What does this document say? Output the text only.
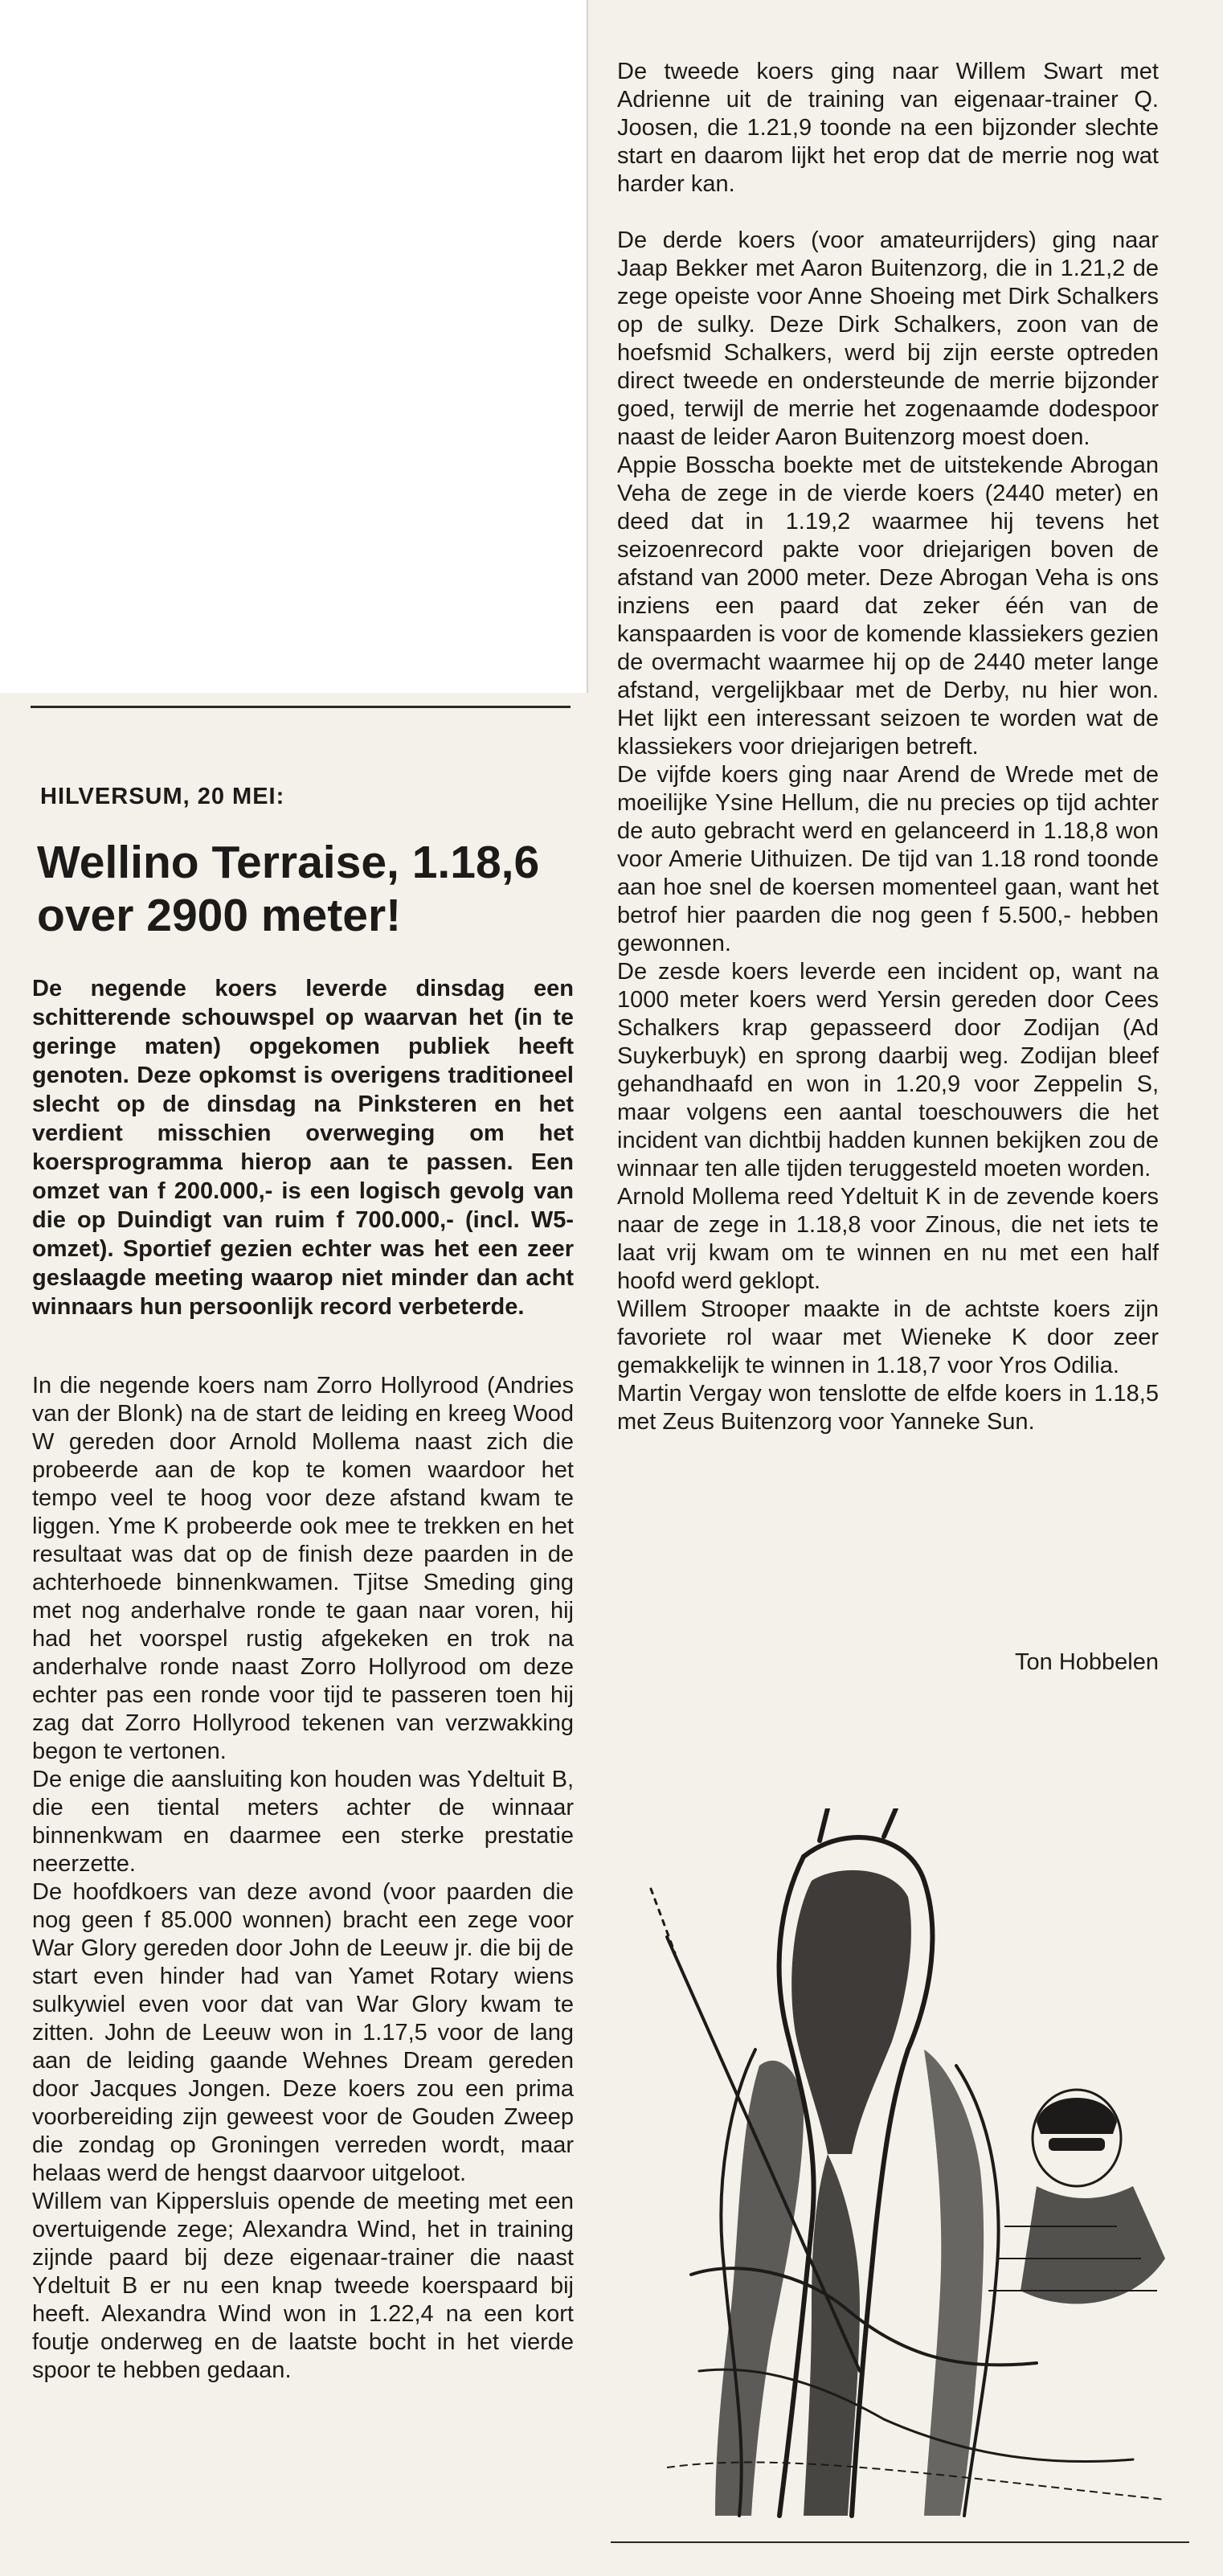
HILVERSUM, 20 MEI:

Wellino Terraise, 1.18,6
over 2900 meter!

De negende koers leverde dinsdag een schitterende schouwspel op waarvan het (in te geringe maten) opgekomen publiek heeft genoten. Deze opkomst is overigens traditioneel slecht op de dinsdag na Pinksteren en het verdient misschien overweging om het koersprogramma hierop aan te passen. Een omzet van f 200.000,- is een logisch gevolg van die op Duindigt van ruim f 700.000,- (incl. W5-omzet). Sportief gezien echter was het een zeer geslaagde meeting waarop niet minder dan acht winnaars hun persoonlijk record verbeterde.

In die negende koers nam Zorro Hollyrood (Andries van der Blonk) na de start de leiding en kreeg Wood W gereden door Arnold Mollema naast zich die probeerde aan de kop te komen waardoor het tempo veel te hoog voor deze afstand kwam te liggen. Yme K probeerde ook mee te trekken en het resultaat was dat op de finish deze paarden in de achterhoede binnenkwamen. Tjitse Smeding ging met nog anderhalve ronde te gaan naar voren, hij had het voorspel rustig afgekeken en trok na anderhalve ronde naast Zorro Hollyrood om deze echter pas een ronde voor tijd te passeren toen hij zag dat Zorro Hollyrood tekenen van verzwakking begon te vertonen.

De enige die aansluiting kon houden was Ydeltuit B, die een tiental meters achter de winnaar binnenkwam en daarmee een sterke prestatie neerzette.

De hoofdkoers van deze avond (voor paarden die nog geen f 85.000 wonnen) bracht een zege voor War Glory gereden door John de Leeuw jr. die bij de start even hinder had van Yamet Rotary wiens sulkywiel even voor dat van War Glory kwam te zitten. John de Leeuw won in 1.17,5 voor de lang aan de leiding gaande Wehnes Dream gereden door Jacques Jongen. Deze koers zou een prima voorbereiding zijn geweest voor de Gouden Zweep die zondag op Groningen verreden wordt, maar helaas werd de hengst daarvoor uitgeloot.

Willem van Kippersluis opende de meeting met een overtuigende zege; Alexandra Wind, het in training zijnde paard bij deze eigenaar-trainer die naast Ydeltuit B er nu een knap tweede koerspaard bij heeft. Alexandra Wind won in 1.22,4 na een kort foutje onderweg en de laatste bocht in het vierde spoor te hebben gedaan.

De tweede koers ging naar Willem Swart met Adrienne uit de training van eigenaar-trainer Q. Joosen, die 1.21,9 toonde na een bijzonder slechte start en daarom lijkt het erop dat de merrie nog wat harder kan.

De derde koers (voor amateurrijders) ging naar Jaap Bekker met Aaron Buitenzorg, die in 1.21,2 de zege opeiste voor Anne Shoeing met Dirk Schalkers op de sulky. Deze Dirk Schalkers, zoon van de hoefsmid Schalkers, werd bij zijn eerste optreden direct tweede en ondersteunde de merrie bijzonder goed, terwijl de merrie het zogenaamde dodespoor naast de leider Aaron Buitenzorg moest doen.

Appie Bosscha boekte met de uitstekende Abrogan Veha de zege in de vierde koers (2440 meter) en deed dat in 1.19,2 waarmee hij tevens het seizoenrecord pakte voor driejarigen boven de afstand van 2000 meter. Deze Abrogan Veha is ons inziens een paard dat zeker één van de kanspaarden is voor de komende klassiekers gezien de overmacht waarmee hij op de 2440 meter lange afstand, vergelijkbaar met de Derby, nu hier won. Het lijkt een interessant seizoen te worden wat de klassiekers voor driejarigen betreft.

De vijfde koers ging naar Arend de Wrede met de moeilijke Ysine Hellum, die nu precies op tijd achter de auto gebracht werd en gelanceerd in 1.18,8 won voor Amerie Uithuizen. De tijd van 1.18 rond toonde aan hoe snel de koersen momenteel gaan, want het betrof hier paarden die nog geen f 5.500,- hebben gewonnen.

De zesde koers leverde een incident op, want na 1000 meter koers werd Yersin gereden door Cees Schalkers krap gepasseerd door Zodijan (Ad Suykerbuyk) en sprong daarbij weg. Zodijan bleef gehandhaafd en won in 1.20,9 voor Zeppelin S, maar volgens een aantal toeschouwers die het incident van dichtbij hadden kunnen bekijken zou de winnaar ten alle tijden teruggesteld moeten worden.

Arnold Mollema reed Ydeltuit K in de zevende koers naar de zege in 1.18,8 voor Zinous, die net iets te laat vrij kwam om te winnen en nu met een half hoofd werd geklopt.

Willem Strooper maakte in de achtste koers zijn favoriete rol waar met Wieneke K door zeer gemakkelijk te winnen in 1.18,7 voor Yros Odilia.

Martin Vergay won tenslotte de elfde koers in 1.18,5 met Zeus Buitenzorg voor Yanneke Sun.

Ton Hobbelen
